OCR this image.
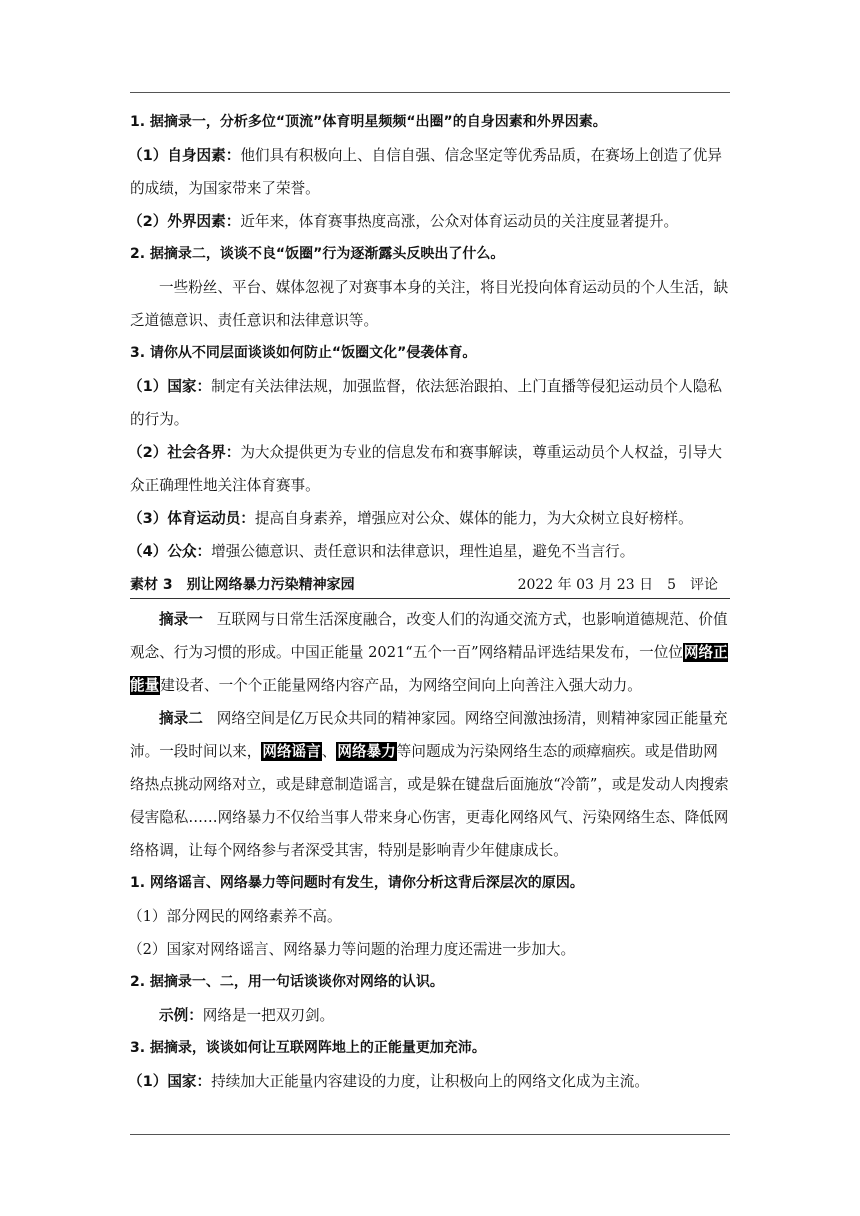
1. 据摘录一，分析多位“顶流”体育明星频频“出圈”的自身因素和外界因素。

（1）自身因素：他们具有积极向上、自信自强、信念坚定等优秀品质，在赛场上创造了优异的成绩，为国家带来了荣誉。

（2）外界因素：近年来，体育赛事热度高涨，公众对体育运动员的关注度显著提升。

2. 据摘录二，谈谈不良“饭圈”行为逐渐露头反映出了什么。

一些粉丝、平台、媒体忽视了对赛事本身的关注，将目光投向体育运动员的个人生活，缺乏道德意识、责任意识和法律意识等。

3. 请你从不同层面谈谈如何防止“饭圈文化”侵袭体育。

（1）国家：制定有关法律法规，加强监督，依法惩治跟拍、上门直播等侵犯运动员个人隐私的行为。

（2）社会各界：为大众提供更为专业的信息发布和赛事解读，尊重运动员个人权益，引导大众正确理性地关注体育赛事。

（3）体育运动员：提高自身素养，增强应对公众、媒体的能力，为大众树立良好榜样。

（4）公众：增强公德意识、责任意识和法律意识，理性追星，避免不当言行。

素材 3 别让网络暴力污染精神家园	2022 年 03 月 23 日 5 评论

摘录一 互联网与日常生活深度融合，改变人们的沟通交流方式，也影响道德规范、价值观念、行为习惯的形成。中国正能量 2021“五个一百”网络精品评选结果发布，一位位网络正能量建设者、一个个正能量网络内容产品，为网络空间向上向善注入强大动力。

摘录二 网络空间是亿万民众共同的精神家园。网络空间激浊扬清，则精神家园正能量充沛。一段时间以来，网络谣言、网络暴力等问题成为污染网络生态的顽瘴痼疾。或是借助网络热点挑动网络对立，或是肆意制造谣言，或是躲在键盘后面施放“冷箭”，或是发动人肉搜索侵害隐私……网络暴力不仅给当事人带来身心伤害，更毒化网络风气、污染网络生态、降低网络格调，让每个网络参与者深受其害，特别是影响青少年健康成长。

1. 网络谣言、网络暴力等问题时有发生，请你分析这背后深层次的原因。

（1）部分网民的网络素养不高。

（2）国家对网络谣言、网络暴力等问题的治理力度还需进一步加大。

2. 据摘录一、二，用一句话谈谈你对网络的认识。

示例：网络是一把双刃剑。

3. 据摘录，谈谈如何让互联网阵地上的正能量更加充沛。

（1）国家：持续加大正能量内容建设的力度，让积极向上的网络文化成为主流。
